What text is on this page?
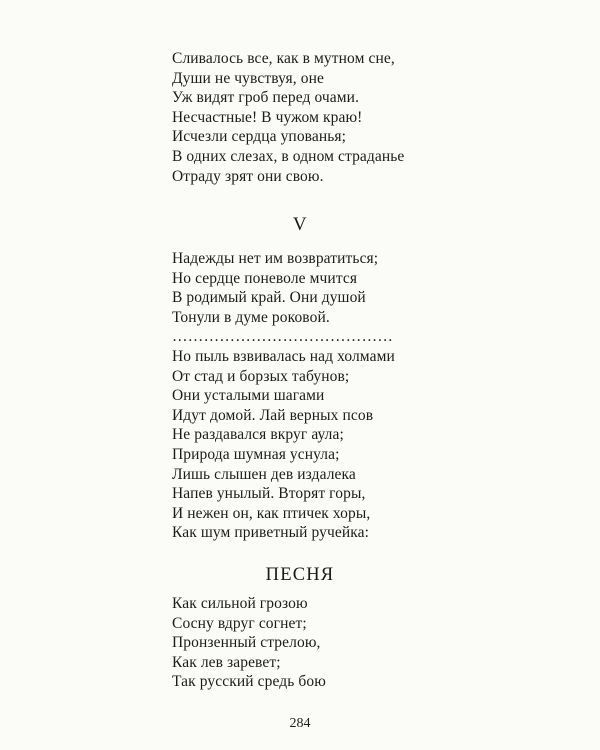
Сливалось все, как в мутном сне,
Души не чувствуя, оне
Уж видят гроб перед очами.
Несчастные! В чужом краю!
Исчезли сердца упованья;
В одних слезах, в одном страданье
Отраду зрят они свою.
V
Надежды нет им возвратиться;
Но сердце поневоле мчится
В родимый край. Они душой
Тонули в думе роковой.
……………………………………
Но пыль взвивалась над холмами
От стад и борзых табунов;
Они усталыми шагами
Идут домой. Лай верных псов
Не раздавался вкруг аула;
Природа шумная уснула;
Лишь слышен дев издалека
Напев унылый. Вторят горы,
И нежен он, как птичек хоры,
Как шум приветный ручейка:
ПЕСНЯ
Как сильной грозою
Сосну вдруг согнет;
Пронзенный стрелою,
Как лев заревет;
Так русский средь бою
284
